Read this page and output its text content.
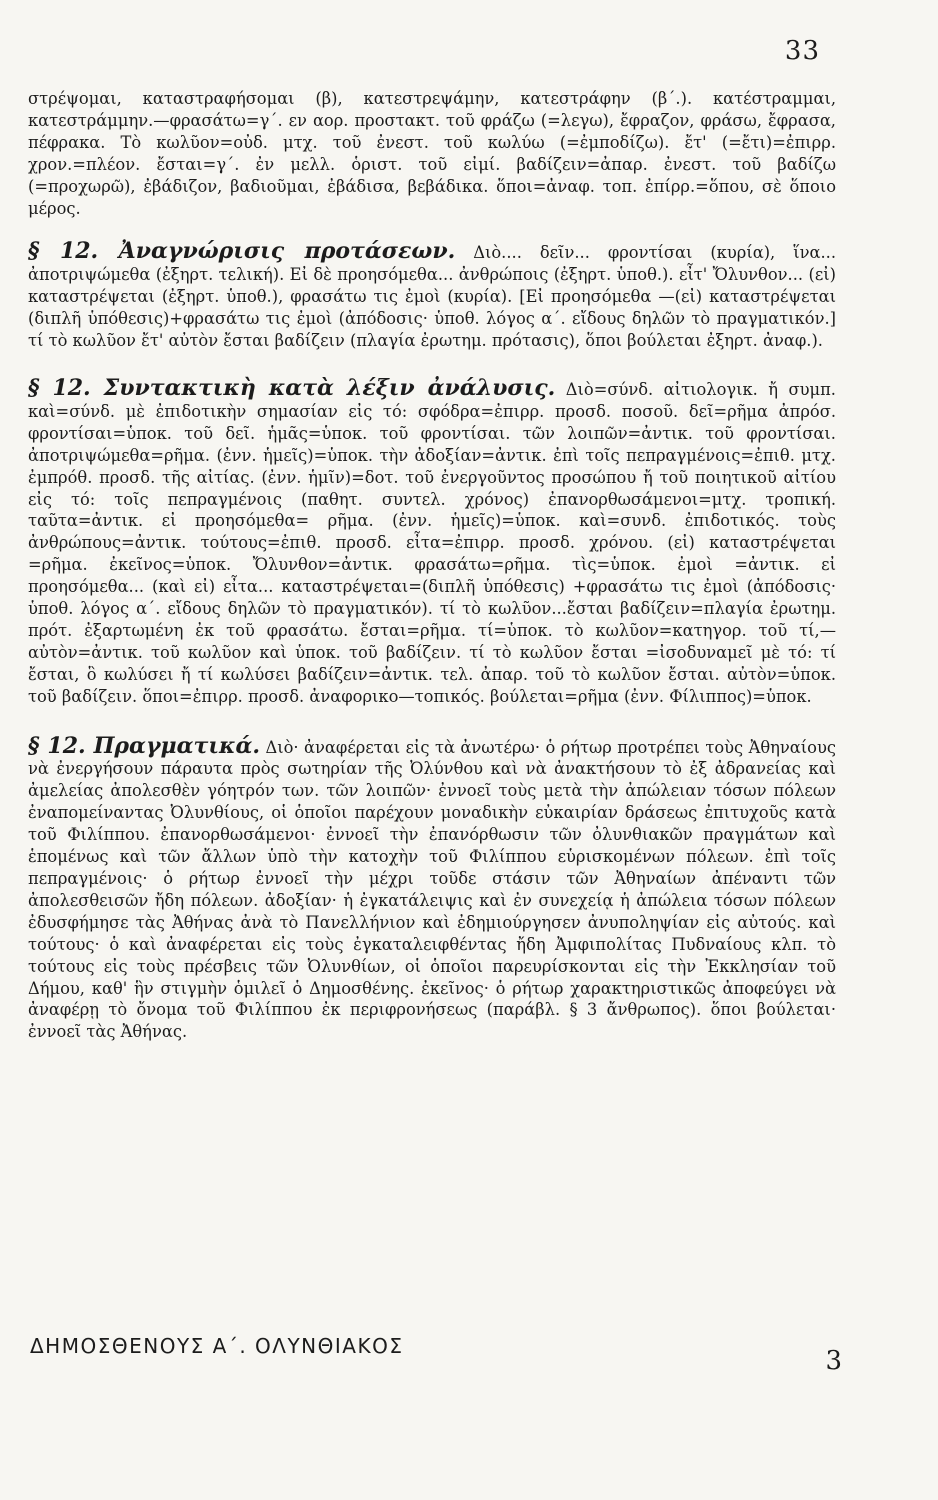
33

στρέψομαι, καταστραφήσομαι (β), κατεστρεψάμην, κατεστράφην (β΄.). κατέστραμμαι, κατεστράμμην.—φρασάτω=γ΄. εν αορ. προστακτ. τοῦ φράζω (=λεγω), ἔφραζον, φράσω, ἔφρασα, πέφρακα. Τὸ κωλῦον=οὐδ. μτχ. τοῦ ἐνεστ. τοῦ κωλύω (=ἐμποδίζω). ἔτ' (=ἔτι)=ἐπιρρ. χρον.=πλέον. ἔσται=γ΄. ἐν μελλ. ὁριστ. τοῦ εἰμί. βαδίζειν=ἀπαρ. ἐνεστ. τοῦ βαδίζω (=προχωρῶ), ἐβάδιζον, βαδιοῦμαι, ἐβάδισα, βεβάδικα. ὅποι=ἀναφ. τοπ. ἐπίρρ.=ὅπου, σὲ ὅποιο μέρος.

§ 12. Ἀναγνώρισις προτάσεων. Διὸ.... δεῖν... φροντίσαι (κυρία), ἵνα... ἀποτριψώμεθα (ἐξηρτ. τελική). Εἰ δὲ προησόμεθα... ἀνθρώποις (ἐξηρτ. ὑποθ.). εἶτ' Ὄλυνθον... (εἰ) καταστρέψεται (ἐξηρτ. ὑποθ.), φρασάτω τις ἐμοὶ (κυρία). [Εἰ προησόμεθα —(εἰ) καταστρέψεται (διπλῆ ὑπόθεσις)+φρασάτω τις ἐμοὶ (ἀπόδοσις· ὑποθ. λόγος α΄. εἴδους δηλῶν τὸ πραγματικόν.] τί τὸ κωλῦον ἔτ' αὐτὸν ἔσται βαδίζειν (πλαγία ἐρωτημ. πρότασις), ὅποι βούλεται ἐξηρτ. ἀναφ.).

§ 12. Συντακτικὴ κατὰ λέξιν ἀνάλυσις. Διὸ=σύνδ. αἰτιολογικ. ἤ συμπ. καὶ=σύνδ. μὲ ἐπιδοτικὴν σημασίαν εἰς τό: σφόδρα=ἐπιρρ. προσδ. ποσοῦ. δεῖ=ρῆμα ἀπρόσ. φροντίσαι=ὑποκ. τοῦ δεῖ. ἡμᾶς=ὑποκ. τοῦ φροντίσαι. τῶν λοιπῶν=ἀντικ. τοῦ φροντίσαι. ἀποτριψώμεθα=ρῆμα. (ἐνν. ἡμεῖς)=ὑποκ. τὴν ἀδοξίαν=ἀντικ. ἐπὶ τοῖς πεπραγμένοις=ἐπιθ. μτχ. ἐμπρόθ. προσδ. τῆς αἰτίας. (ἐνν. ἡμῖν)=δοτ. τοῦ ἐνεργοῦντος προσώπου ἤ τοῦ ποιητικοῦ αἰτίου εἰς τό: τοῖς πεπραγμένοις (παθητ. συντελ. χρόνος) ἐπανορθωσάμενοι=μτχ. τροπική. ταῦτα=ἀντικ. εἰ προησόμεθα= ρῆμα. (ἐνν. ἡμεῖς)=ὑποκ. καὶ=συνδ. ἐπιδοτικός. τοὺς ἀνθρώπους=ἀντικ. τούτους=ἐπιθ. προσδ. εἶτα=ἐπιρρ. προσδ. χρόνου. (εἰ) καταστρέψεται =ρῆμα. ἐκεῖνος=ὑποκ. Ὄλυνθον=ἀντικ. φρασάτω=ρῆμα. τὶς=ὑποκ. ἐμοὶ =ἀντικ. εἰ προησόμεθα... (καὶ εἰ) εἶτα... καταστρέψεται=(διπλῆ ὑπόθεσις) +φρασάτω τις ἐμοὶ (ἀπόδοσις· ὑποθ. λόγος α΄. εἴδους δηλῶν τὸ πραγματικόν). τί τὸ κωλῦον...ἔσται βαδίζειν=πλαγία ἐρωτημ. πρότ. ἐξαρτωμένη ἐκ τοῦ φρασάτω. ἔσται=ρῆμα. τί=ὑποκ. τὸ κωλῦον=κατηγορ. τοῦ τί,—αὐτὸν=ἀντικ. τοῦ κωλῦον καὶ ὑποκ. τοῦ βαδίζειν. τί τὸ κωλῦον ἔσται =ἰσοδυναμεῖ μὲ τό: τί ἔσται, ὃ κωλύσει ἤ τί κωλύσει βαδίζειν=ἀντικ. τελ. ἀπαρ. τοῦ τὸ κωλῦον ἔσται. αὐτὸν=ὑποκ. τοῦ βαδίζειν. ὅποι=ἐπιρρ. προσδ. ἀναφορικο—τοπικός. βούλεται=ρῆμα (ἐνν. Φίλιππος)=ὑποκ.

§ 12. Πραγματικά. Διὸ· ἀναφέρεται εἰς τὰ ἀνωτέρω· ὁ ρήτωρ προτρέπει τοὺς Ἀθηναίους νὰ ἐνεργήσουν πάραυτα πρὸς σωτηρίαν τῆς Ὀλύνθου καὶ νὰ ἀνακτήσουν τὸ ἐξ ἀδρανείας καὶ ἀμελείας ἀπολεσθὲν γόητρόν των. τῶν λοιπῶν· ἐννοεῖ τοὺς μετὰ τὴν ἀπώλειαν τόσων πόλεων ἐναπομείναντας Ὀλυνθίους, οἱ ὁποῖοι παρέχουν μοναδικὴν εὐκαιρίαν δράσεως ἐπιτυχοῦς κατὰ τοῦ Φιλίππου. ἐπανορθωσάμενοι· ἐννοεῖ τὴν ἐπανόρθωσιν τῶν ὀλυνθιακῶν πραγμάτων καὶ ἑπομένως καὶ τῶν ἄλλων ὑπὸ τὴν κατοχὴν τοῦ Φιλίππου εὑρισκομένων πόλεων. ἐπὶ τοῖς πεπραγμένοις· ὁ ρήτωρ ἐννοεῖ τὴν μέχρι τοῦδε στάσιν τῶν Ἀθηναίων ἀπέναντι τῶν ἀπολεσθεισῶν ἤδη πόλεων. ἀδοξίαν· ἡ ἐγκατάλειψις καὶ ἐν συνεχείᾳ ἡ ἀπώλεια τόσων πόλεων ἐδυσφήμησε τὰς Ἀθήνας ἀνὰ τὸ Πανελλήνιον καὶ ἐδημιούργησεν ἀνυποληψίαν εἰς αὐτούς. καὶ τούτους· ὁ καὶ ἀναφέρεται εἰς τοὺς ἐγκαταλειφθέντας ἤδη Ἀμφιπολίτας Πυδναίους κλπ. τὸ τούτους εἰς τοὺς πρέσβεις τῶν Ὀλυνθίων, οἱ ὁποῖοι παρευρίσκονται εἰς τὴν Ἐκκλησίαν τοῦ Δήμου, καθ' ἣν στιγμὴν ὁμιλεῖ ὁ Δημοσθένης. ἐκεῖνος· ὁ ρήτωρ χαρακτηριστικῶς ἀποφεύγει νὰ ἀναφέρῃ τὸ ὄνομα τοῦ Φιλίππου ἐκ περιφρονήσεως (παράβλ. § 3 ἄνθρωπος). ὅποι βούλεται· ἐννοεῖ τὰς Ἀθήνας.

ΔΗΜΟΣΘΕΝΟΥΣ Α΄. ΟΛΥΝΘΙΑΚΟΣ	3
